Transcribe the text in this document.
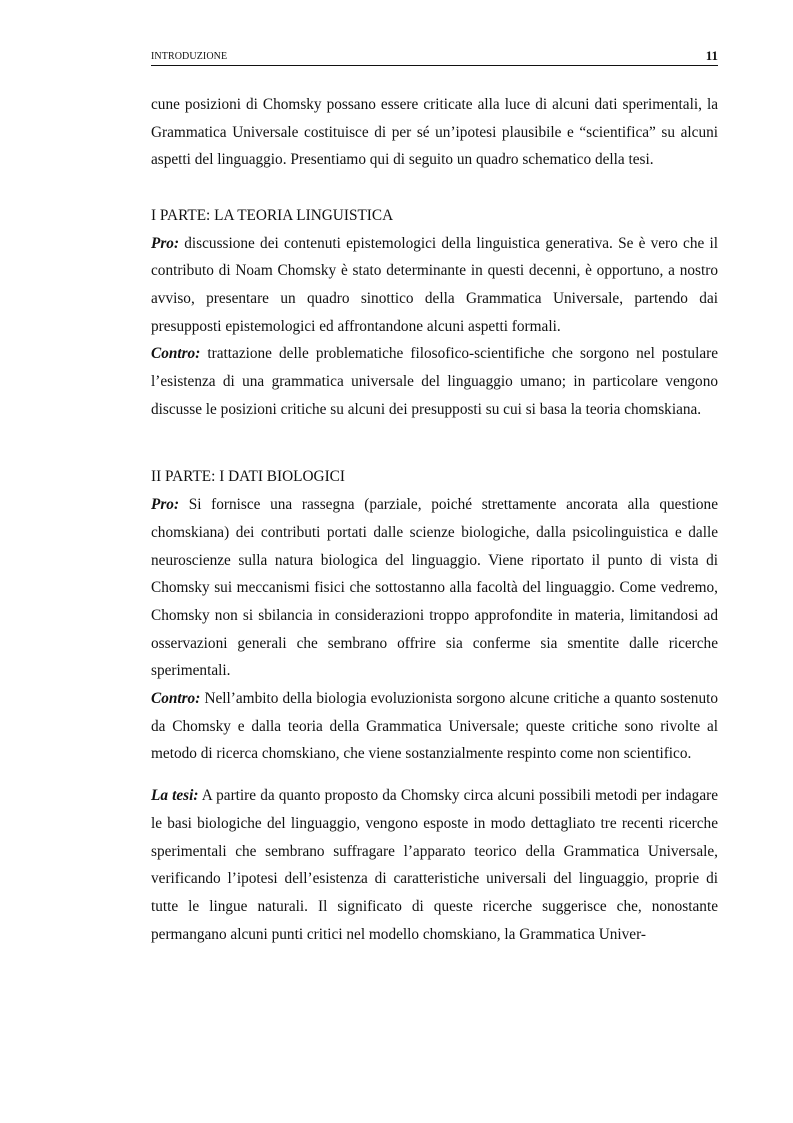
INTRODUZIONE	11

cune posizioni di Chomsky possano essere criticate alla luce di alcuni dati sperimentali, la Grammatica Universale costituisce di per sé un’ipotesi plausibile e “scientifica” su alcuni aspetti del linguaggio. Presentiamo qui di seguito un quadro schematico della tesi.

I PARTE: LA TEORIA LINGUISTICA

Pro: discussione dei contenuti epistemologici della linguistica generativa. Se è vero che il contributo di Noam Chomsky è stato determinante in questi decenni, è opportuno, a nostro avviso, presentare un quadro sinottico della Grammatica Universale, partendo dai presupposti epistemologici ed affrontandone alcuni aspetti formali.

Contro: trattazione delle problematiche filosofico-scientifiche che sorgono nel postulare l’esistenza di una grammatica universale del linguaggio umano; in particolare vengono discusse le posizioni critiche su alcuni dei presupposti su cui si basa la teoria chomskiana.

II PARTE: I DATI BIOLOGICI

Pro: Si fornisce una rassegna (parziale, poiché strettamente ancorata alla questione chomskiana) dei contributi portati dalle scienze biologiche, dalla psicolinguistica e dalle neuroscienze sulla natura biologica del linguaggio. Viene riportato il punto di vista di Chomsky sui meccanismi fisici che sottostanno alla facoltà del linguaggio. Come vedremo, Chomsky non si sbilancia in considerazioni troppo approfondite in materia, limitandosi ad osservazioni generali che sembrano offrire sia conferme sia smentite dalle ricerche sperimentali.

Contro: Nell’ambito della biologia evoluzionista sorgono alcune critiche a quanto sostenuto da Chomsky e dalla teoria della Grammatica Universale; queste critiche sono rivolte al metodo di ricerca chomskiano, che viene sostanzialmente respinto come non scientifico.

La tesi: A partire da quanto proposto da Chomsky circa alcuni possibili metodi per indagare le basi biologiche del linguaggio, vengono esposte in modo dettagliato tre recenti ricerche sperimentali che sembrano suffragare l’apparato teorico della Grammatica Universale, verificando l’ipotesi dell’esistenza di caratteristiche universali del linguaggio, proprie di tutte le lingue naturali. Il significato di queste ricerche suggerisce che, nonostante permangano alcuni punti critici nel modello chomskiano, la Grammatica Univer-
